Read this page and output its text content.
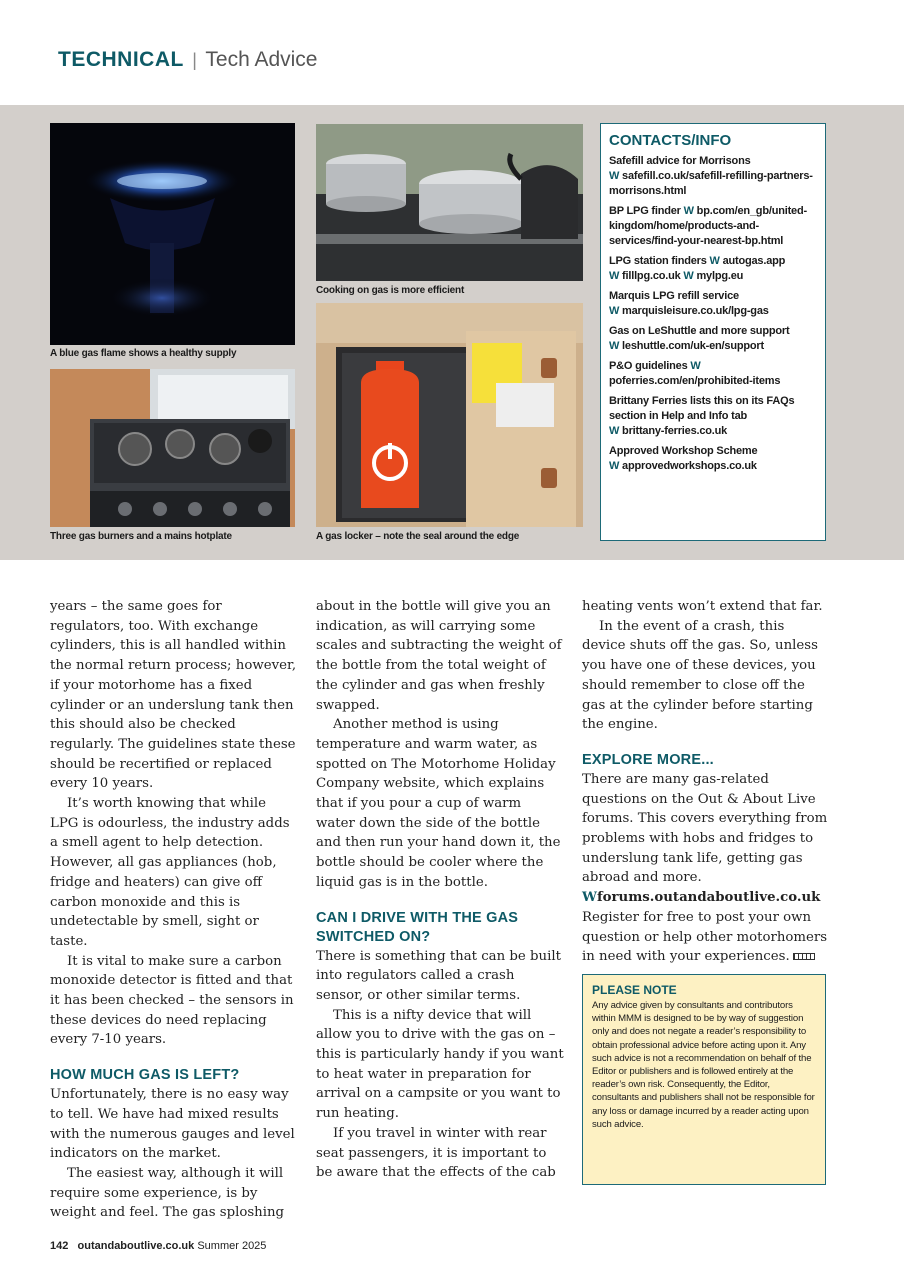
TECHNICAL | Tech Advice
A blue gas flame shows a healthy supply
Three gas burners and a mains hotplate
Cooking on gas is more efficient
A gas locker – note the seal around the edge
CONTACTS/INFO
Safefill advice for Morrisons
W safefill.co.uk/safefill-refilling-partners-morrisons.html
BP LPG finder W bp.com/en_gb/united-kingdom/home/products-and-services/find-your-nearest-bp.html
LPG station finders W autogas.app
W filllpg.co.uk W mylpg.eu
Marquis LPG refill service
W marquisleisure.co.uk/lpg-gas
Gas on LeShuttle and more support
W leshuttle.com/uk-en/support
P&O guidelines W poferries.com/en/prohibited-items
Brittany Ferries lists this on its FAQs section in Help and Info tab
W brittany-ferries.co.uk
Approved Workshop Scheme
W approvedworkshops.co.uk

years – the same goes for regulators, too. With exchange cylinders, this is all handled within the normal return process; however, if your motorhome has a fixed cylinder or an underslung tank then this should also be checked regularly. The guidelines state these should be recertified or replaced every 10 years.

It’s worth knowing that while LPG is odourless, the industry adds a smell agent to help detection. However, all gas appliances (hob, fridge and heaters) can give off carbon monoxide and this is undetectable by smell, sight or taste.

It is vital to make sure a carbon monoxide detector is fitted and that it has been checked – the sensors in these devices do need replacing every 7-10 years.

HOW MUCH GAS IS LEFT?

Unfortunately, there is no easy way to tell. We have had mixed results with the numerous gauges and level indicators on the market.

The easiest way, although it will require some experience, is by weight and feel. The gas sploshing

about in the bottle will give you an indication, as will carrying some scales and subtracting the weight of the bottle from the total weight of the cylinder and gas when freshly swapped.

Another method is using temperature and warm water, as spotted on The Motorhome Holiday Company website, which explains that if you pour a cup of warm water down the side of the bottle and then run your hand down it, the bottle should be cooler where the liquid gas is in the bottle.

CAN I DRIVE WITH THE GAS SWITCHED ON?

There is something that can be built into regulators called a crash sensor, or other similar terms.

This is a nifty device that will allow you to drive with the gas on – this is particularly handy if you want to heat water in preparation for arrival on a campsite or you want to run heating.

If you travel in winter with rear seat passengers, it is important to be aware that the effects of the cab

heating vents won’t extend that far.

In the event of a crash, this device shuts off the gas. So, unless you have one of these devices, you should remember to close off the gas at the cylinder before starting the engine.

EXPLORE MORE...

There are many gas-related questions on the Out & About Live forums. This covers everything from problems with hobs and fridges to underslung tank life, getting gas abroad and more.

Wforums.outandaboutlive.co.uk

Register for free to post your own question or help other motorhomers in need with your experiences.

PLEASE NOTE
Any advice given by consultants and contributors within MMM is designed to be by way of suggestion only and does not negate a reader’s responsibility to obtain professional advice before acting upon it. Any such advice is not a recommendation on behalf of the Editor or publishers and is followed entirely at the reader’s own risk. Consequently, the Editor, consultants and publishers shall not be responsible for any loss or damage incurred by a reader acting upon such advice.
142 outandaboutlive.co.uk Summer 2025
